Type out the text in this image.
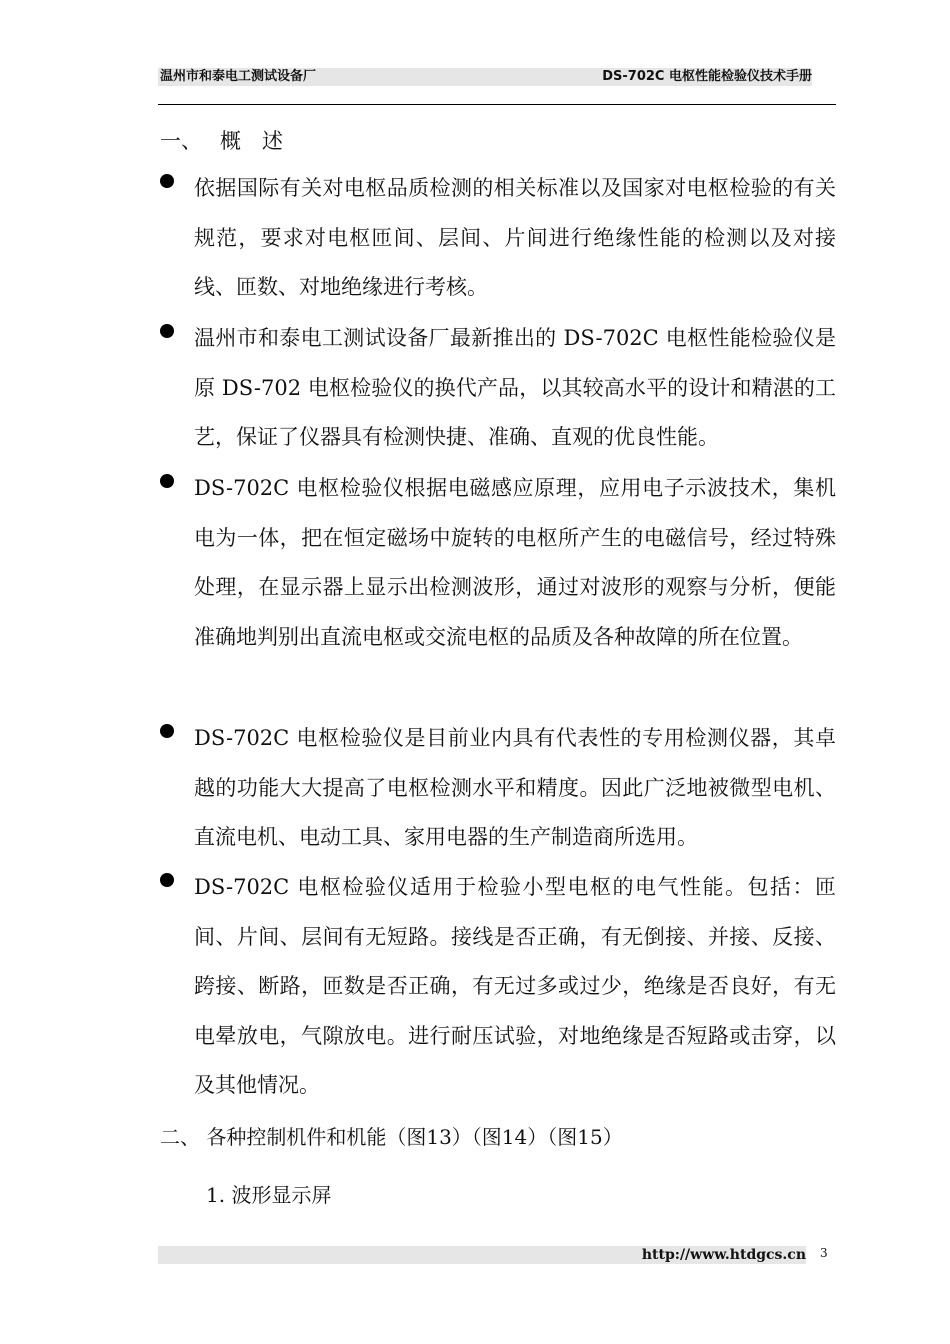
温州市和泰电工测试设备厂	DS-702C 电枢性能检验仪技术手册
一、 概　述
依据国际有关对电枢品质检测的相关标准以及国家对电枢检验的有关规范，要求对电枢匝间、层间、片间进行绝缘性能的检测以及对接线、匝数、对地绝缘进行考核。
温州市和泰电工测试设备厂最新推出的 DS-702C 电枢性能检验仪是原 DS-702 电枢检验仪的换代产品，以其较高水平的设计和精湛的工艺，保证了仪器具有检测快捷、准确、直观的优良性能。
DS-702C 电枢检验仪根据电磁感应原理，应用电子示波技术，集机电为一体，把在恒定磁场中旋转的电枢所产生的电磁信号，经过特殊处理，在显示器上显示出检测波形，通过对波形的观察与分析，便能准确地判别出直流电枢或交流电枢的品质及各种故障的所在位置。
DS-702C 电枢检验仪是目前业内具有代表性的专用检测仪器，其卓越的功能大大提高了电枢检测水平和精度。因此广泛地被微型电机、直流电机、电动工具、家用电器的生产制造商所选用。
DS-702C 电枢检验仪适用于检验小型电枢的电气性能。包括：匝间、片间、层间有无短路。接线是否正确，有无倒接、并接、反接、跨接、断路，匝数是否正确，有无过多或过少，绝缘是否良好，有无电晕放电，气隙放电。进行耐压试验，对地绝缘是否短路或击穿，以及其他情况。
二、 各种控制机件和机能（图13）（图14）（图15）
1. 波形显示屏
http://www.htdgcs.cn 3
